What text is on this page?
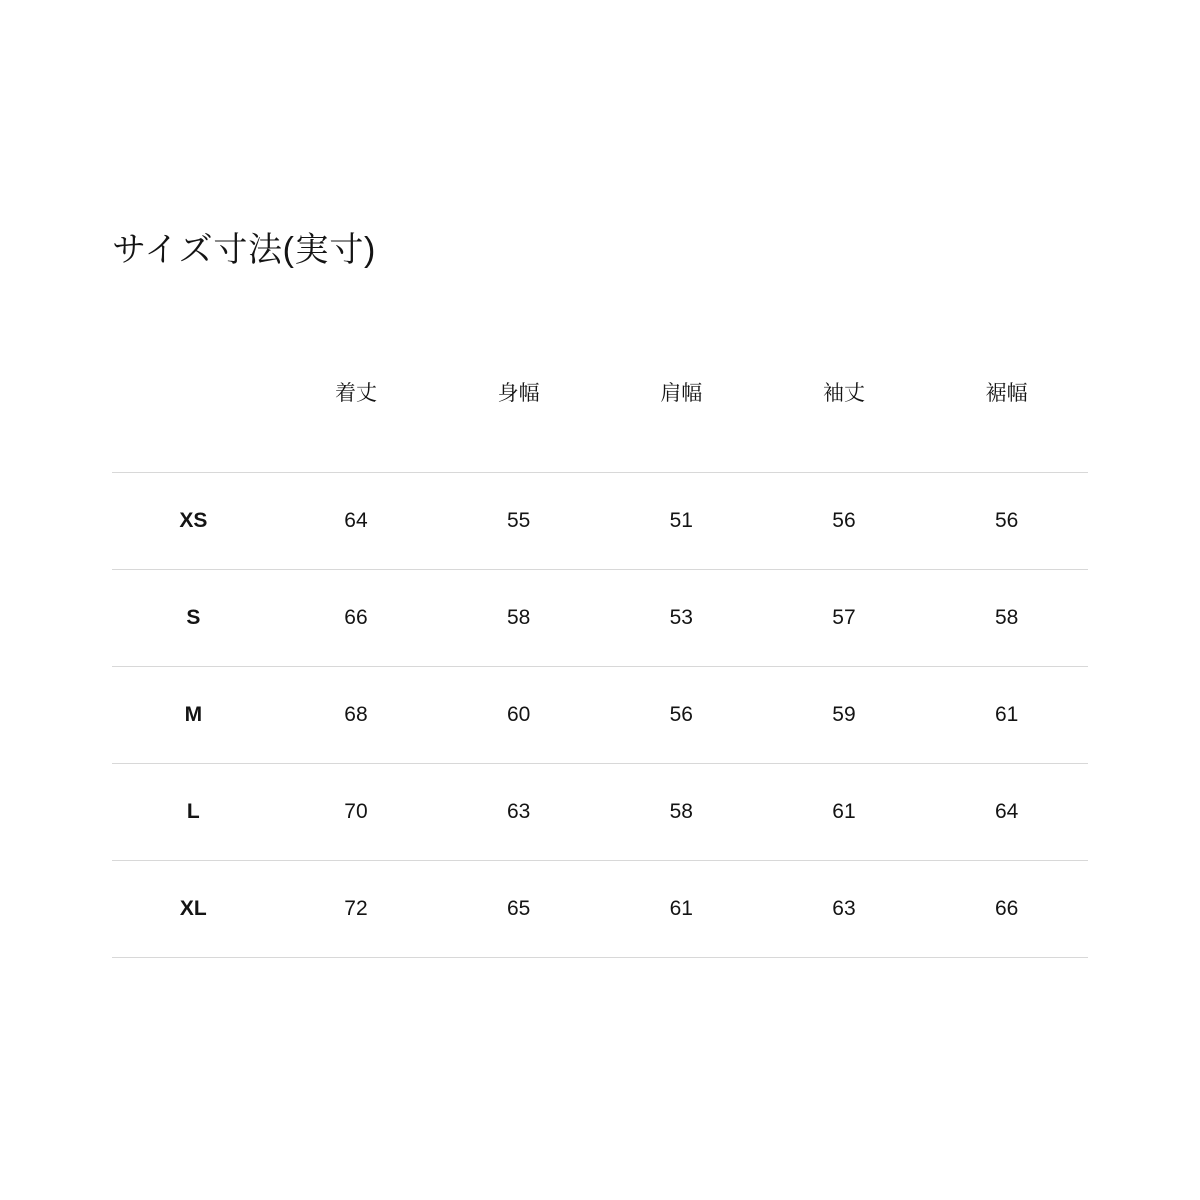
サイズ寸法(実寸)

	着丈	身幅	肩幅	袖丈	裾幅
XS	64	55	51	56	56
S	66	58	53	57	58
M	68	60	56	59	61
L	70	63	58	61	64
XL	72	65	61	63	66
